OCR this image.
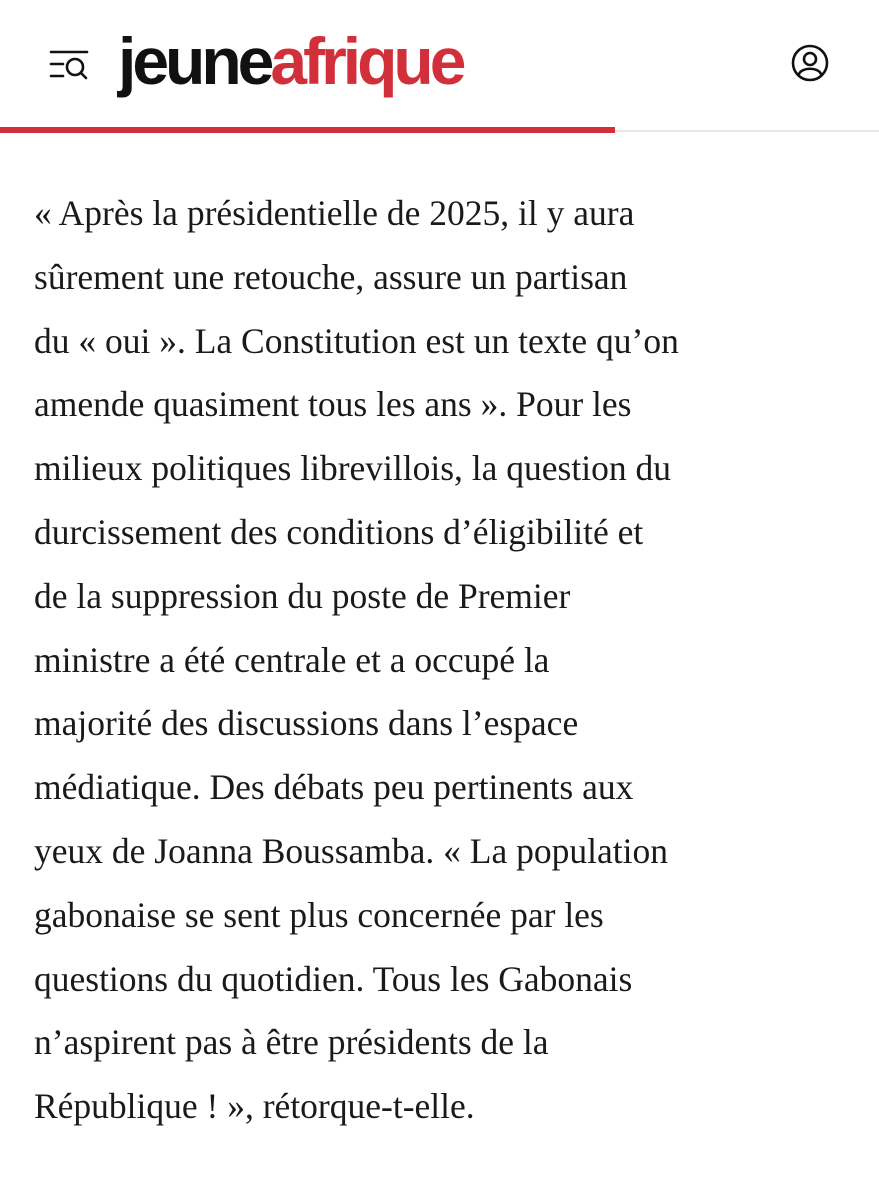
jeuneafrique

« Après la présidentielle de 2025, il y aura

sûrement une retouche, assure un partisan

du « oui ». La Constitution est un texte qu’on

amende quasiment tous les ans ». Pour les

milieux politiques librevillois, la question du

durcissement des conditions d’éligibilité et

de la suppression du poste de Premier

ministre a été centrale et a occupé la

majorité des discussions dans l’espace

médiatique. Des débats peu pertinents aux

yeux de Joanna Boussamba. « La population

gabonaise se sent plus concernée par les

questions du quotidien. Tous les Gabonais

n’aspirent pas à être présidents de la

République ! », rétorque-t-elle.
